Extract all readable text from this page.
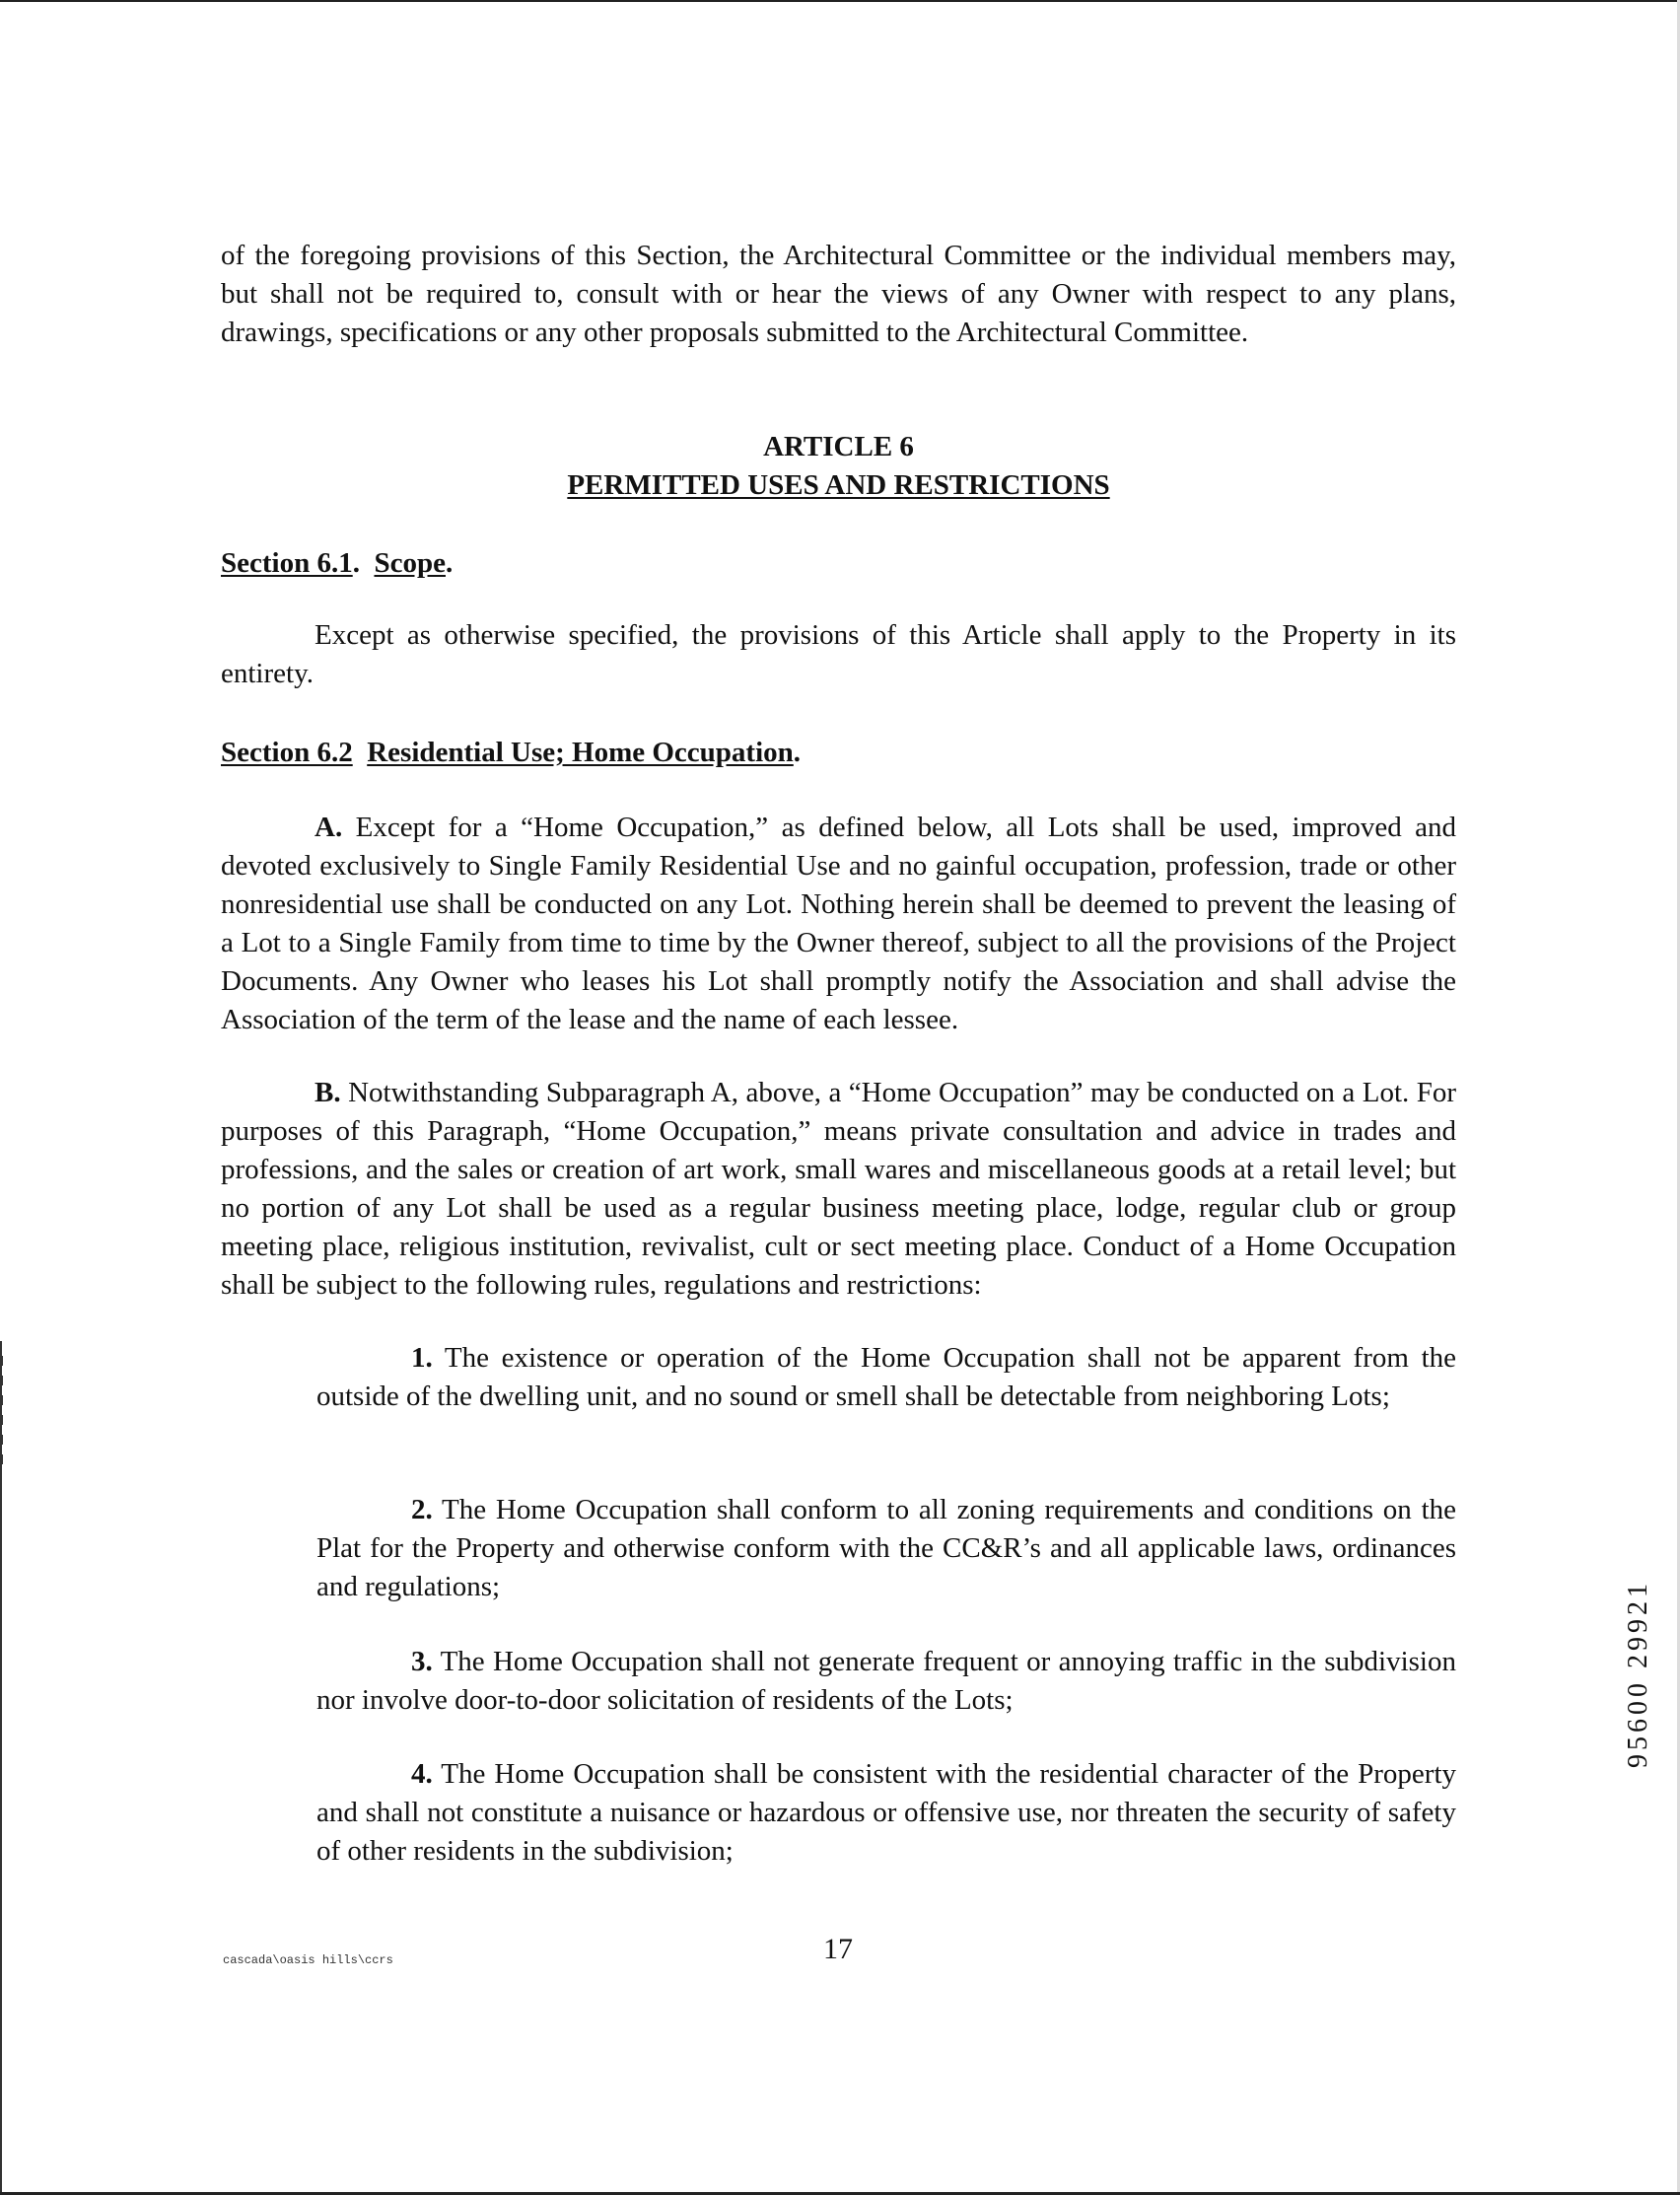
of the foregoing provisions of this Section, the Architectural Committee or the individual members may, but shall not be required to, consult with or hear the views of any Owner with respect to any plans, drawings, specifications or any other proposals submitted to the Architectural Committee.

ARTICLE 6

PERMITTED USES AND RESTRICTIONS

Section 6.1.  Scope.

Except as otherwise specified, the provisions of this Article shall apply to the Property in its entirety.

Section 6.2 Residential Use; Home Occupation.

A. Except for a “Home Occupation,” as defined below, all Lots shall be used, improved and devoted exclusively to Single Family Residential Use and no gainful occupation, profession, trade or other nonresidential use shall be conducted on any Lot. Nothing herein shall be deemed to prevent the leasing of a Lot to a Single Family from time to time by the Owner thereof, subject to all the provisions of the Project Documents. Any Owner who leases his Lot shall promptly notify the Association and shall advise the Association of the term of the lease and the name of each lessee.

B. Notwithstanding Subparagraph A, above, a “Home Occupation” may be conducted on a Lot. For purposes of this Paragraph, “Home Occupation,” means private consultation and advice in trades and professions, and the sales or creation of art work, small wares and miscellaneous goods at a retail level; but no portion of any Lot shall be used as a regular business meeting place, lodge, regular club or group meeting place, religious institution, revivalist, cult or sect meeting place. Conduct of a Home Occupation shall be subject to the following rules, regulations and restrictions:

1. The existence or operation of the Home Occupation shall not be apparent from the outside of the dwelling unit, and no sound or smell shall be detectable from neighboring Lots;

2. The Home Occupation shall conform to all zoning requirements and conditions on the Plat for the Property and otherwise conform with the CC&R’s and all applicable laws, ordinances and regulations;

3. The Home Occupation shall not generate frequent or annoying traffic in the subdivision nor involve door-to-door solicitation of residents of the Lots;

4. The Home Occupation shall be consistent with the residential character of the Property and shall not constitute a nuisance or hazardous or offensive use, nor threaten the security of safety of other residents in the subdivision;

cascada\oasis hills\ccrs	17
95600 29921
